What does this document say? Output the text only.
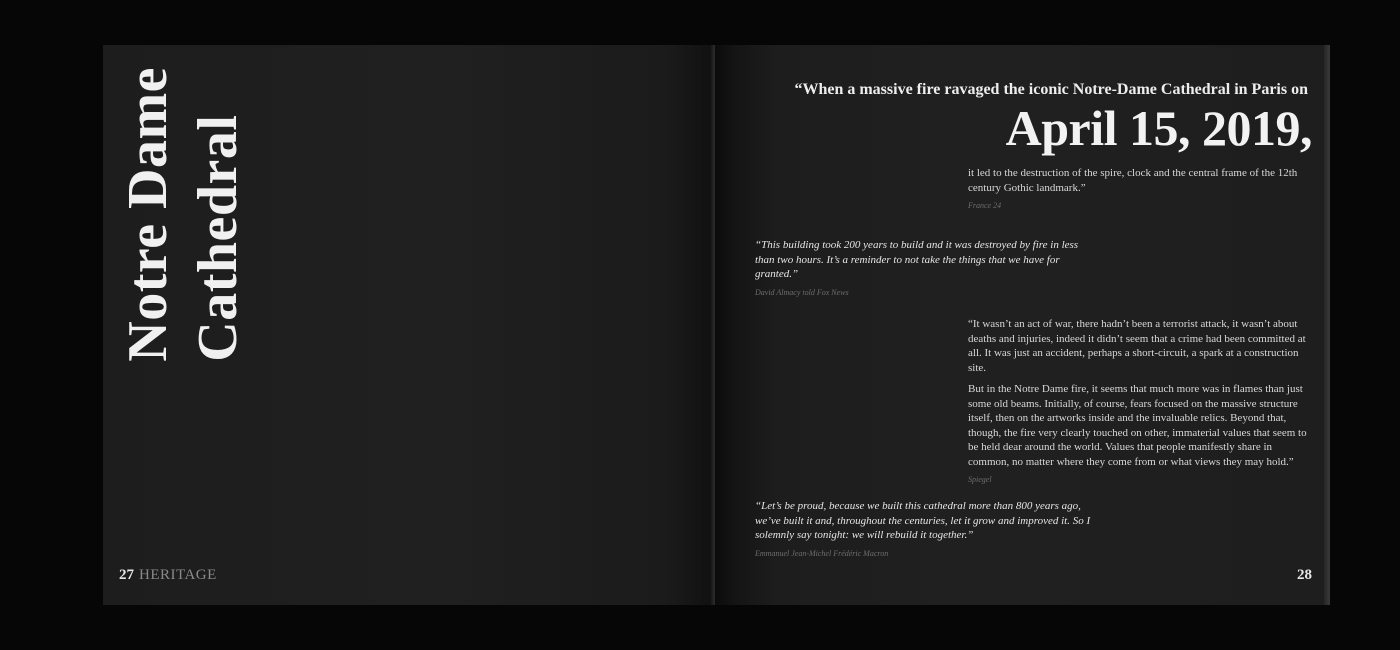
Notre Dame Cathedral
27 HERITAGE
“When a massive fire ravaged the iconic Notre-Dame Cathedral in Paris on
April 15, 2019,
it led to the destruction of the spire, clock and the central frame of the 12th century Gothic landmark.”
France 24
“This building took 200 years to build and it was destroyed by fire in less than two hours. It’s a reminder to not take the things that we have for granted.”
David Almacy told Fox News

“It wasn’t an act of war, there hadn’t been a terrorist attack, it wasn’t about deaths and injuries, indeed it didn’t seem that a crime had been committed at all. It was just an accident, perhaps a short-circuit, a spark at a construction site.

But in the Notre Dame fire, it seems that much more was in flames than just some old beams. Initially, of course, fears focused on the massive structure itself, then on the artworks inside and the invaluable relics. Beyond that, though, the fire very clearly touched on other, immaterial values that seem to be held dear around the world. Values that people manifestly share in common, no matter where they come from or what views they may hold.”

Spiegel
“Let’s be proud, because we built this cathedral more than 800 years ago, we’ve built it and, throughout the centuries, let it grow and improved it. So I solemnly say tonight: we will rebuild it together.”
Emmanuel Jean-Michel Frédéric Macron
28
